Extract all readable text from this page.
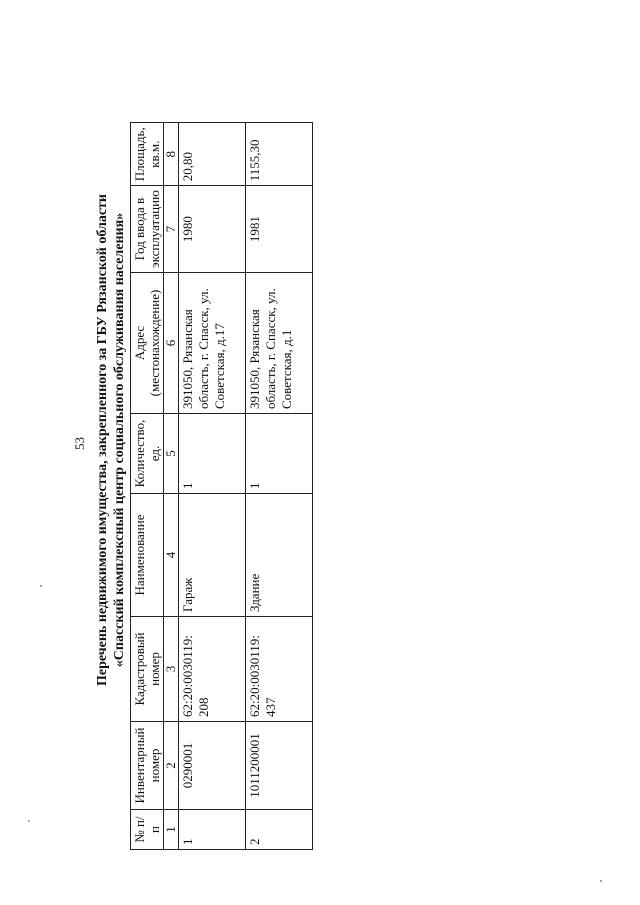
53 Перечень недвижимого имущества, закрепленного за ГБУ Рязанской области «Спасский комплексный центр социального обслуживания населения»
№ п/п	Инвентарный номер	Кадастровый номер	Наименование	Количество, ед.	Адрес (местонахождение)	Год ввода в эксплуатацию	Площадь, кв.м.
1	2	3	4	5	6	7	8
1	0290001	62:20:0030119: 208	Гараж	1	391050, Рязанская область, г. Спасск, ул. Советская, д.17	1980	20,80
2	1011200001	62:20:0030119: 437	Здание	1	391050, Рязанская область, г. Спасск, ул. Советская, д.1	1981	1155,30
